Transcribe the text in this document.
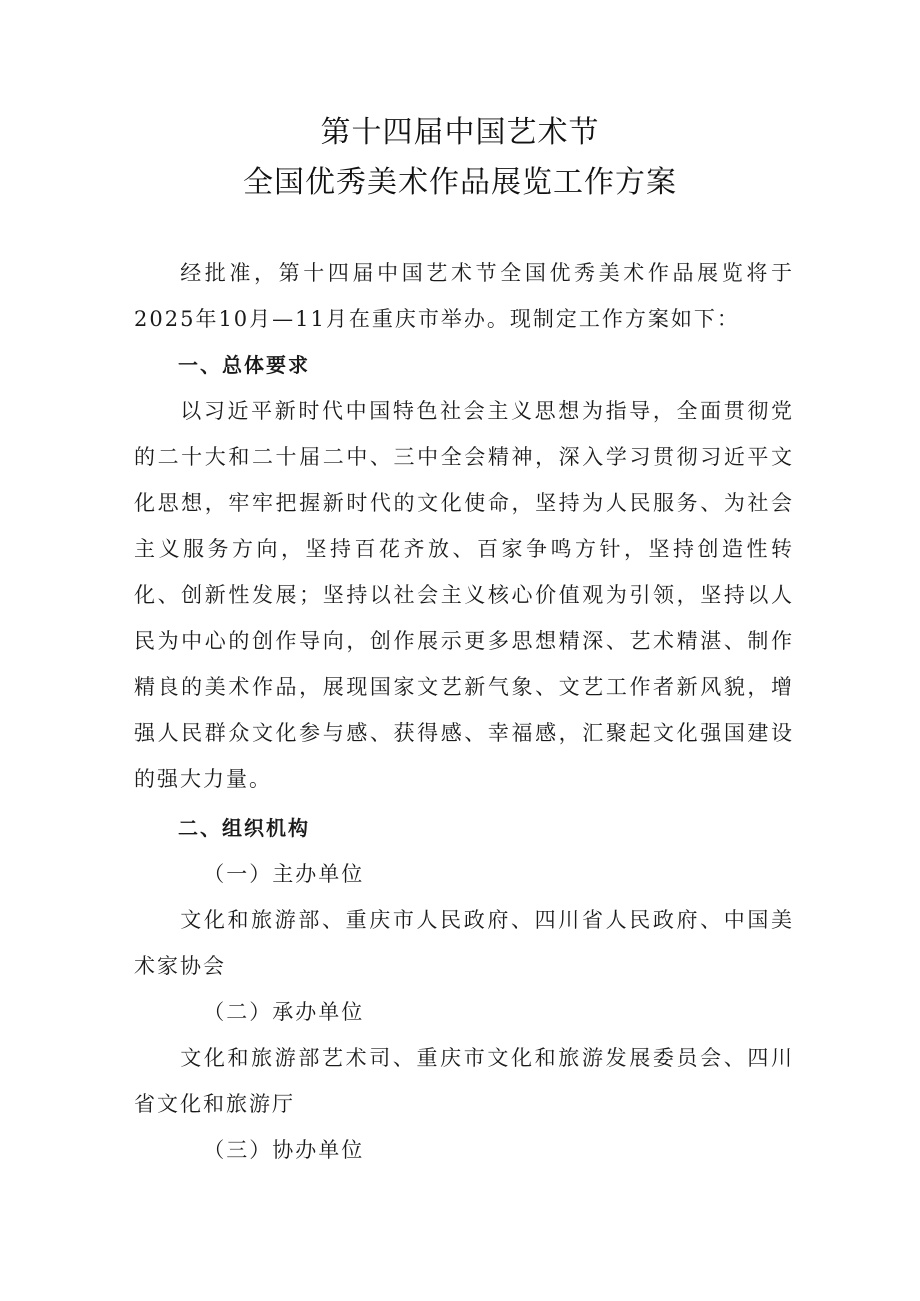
第十四届中国艺术节
全国优秀美术作品展览工作方案

经批准，第十四届中国艺术节全国优秀美术作品展览将于2025年10月—11月在重庆市举办。现制定工作方案如下：

一、总体要求

以习近平新时代中国特色社会主义思想为指导，全面贯彻党的二十大和二十届二中、三中全会精神，深入学习贯彻习近平文化思想，牢牢把握新时代的文化使命，坚持为人民服务、为社会主义服务方向，坚持百花齐放、百家争鸣方针，坚持创造性转化、创新性发展；坚持以社会主义核心价值观为引领，坚持以人民为中心的创作导向，创作展示更多思想精深、艺术精湛、制作精良的美术作品，展现国家文艺新气象、文艺工作者新风貌，增强人民群众文化参与感、获得感、幸福感，汇聚起文化强国建设的强大力量。

二、组织机构

（一）主办单位

文化和旅游部、重庆市人民政府、四川省人民政府、中国美术家协会

（二）承办单位

文化和旅游部艺术司、重庆市文化和旅游发展委员会、四川省文化和旅游厅

（三）协办单位
